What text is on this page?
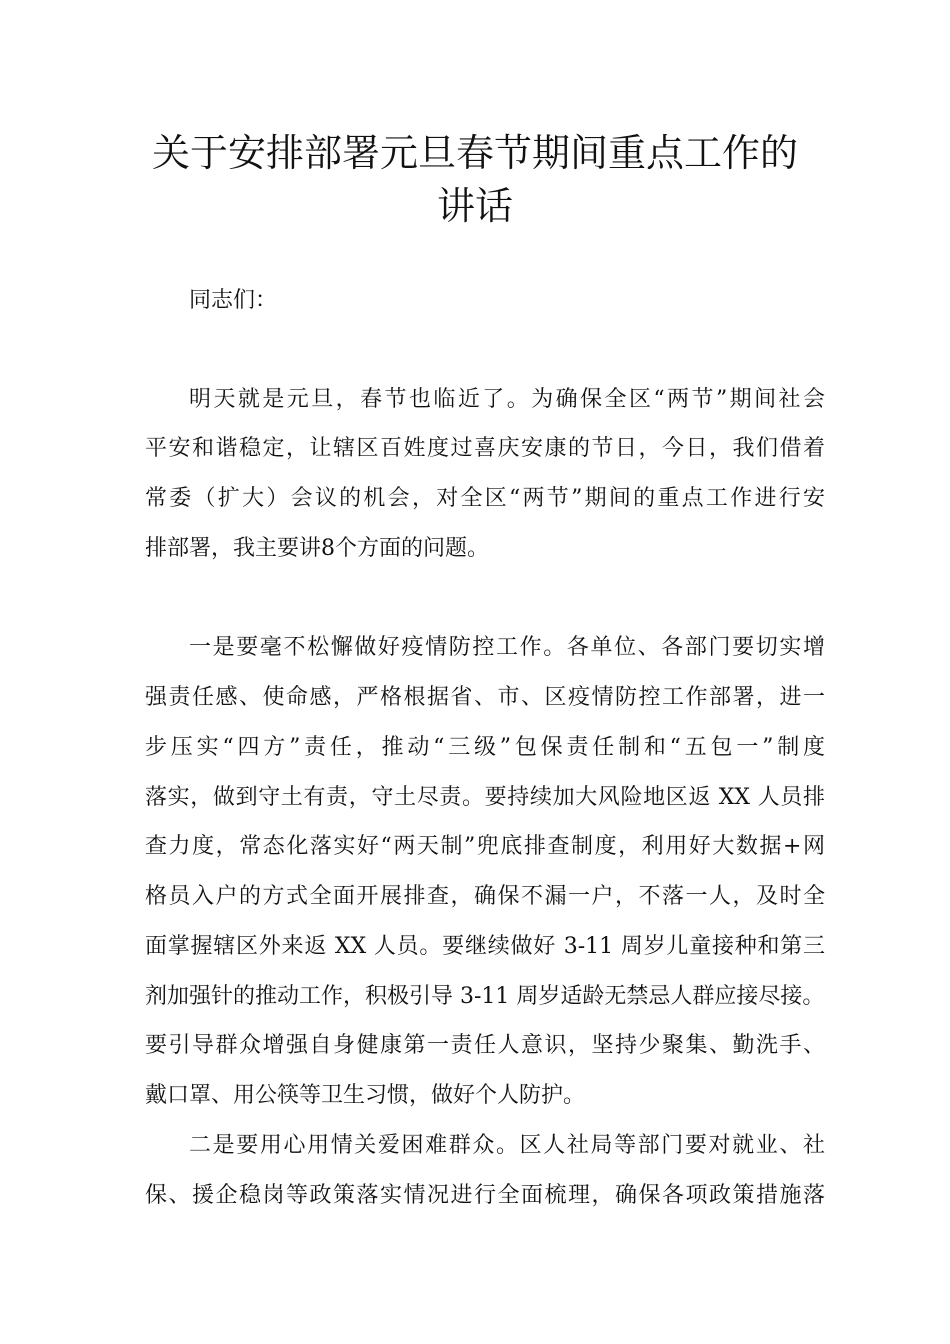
关于安排部署元旦春节期间重点工作的
讲话
同志们：
明天就是元旦，春节也临近了。为确保全区“两节”期间社会
平安和谐稳定，让辖区百姓度过喜庆安康的节日，今日，我们借着
常委（扩大）会议的机会，对全区“两节”期间的重点工作进行安
排部署，我主要讲8个方面的问题。
一是要毫不松懈做好疫情防控工作。各单位、各部门要切实增
强责任感、使命感，严格根据省、市、区疫情防控工作部署，进一
步压实“四方”责任，推动“三级”包保责任制和“五包一”制度
落实，做到守土有责，守土尽责。要持续加大风险地区返 XX 人员排
查力度，常态化落实好“两天制”兜底排查制度，利用好大数据+网
格员入户的方式全面开展排查，确保不漏一户，不落一人，及时全
面掌握辖区外来返 XX 人员。要继续做好 3-11 周岁儿童接种和第三
剂加强针的推动工作，积极引导 3-11 周岁适龄无禁忌人群应接尽接。
要引导群众增强自身健康第一责任人意识，坚持少聚集、勤洗手、
戴口罩、用公筷等卫生习惯，做好个人防护。
二是要用心用情关爱困难群众。区人社局等部门要对就业、社
保、援企稳岗等政策落实情况进行全面梳理，确保各项政策措施落
